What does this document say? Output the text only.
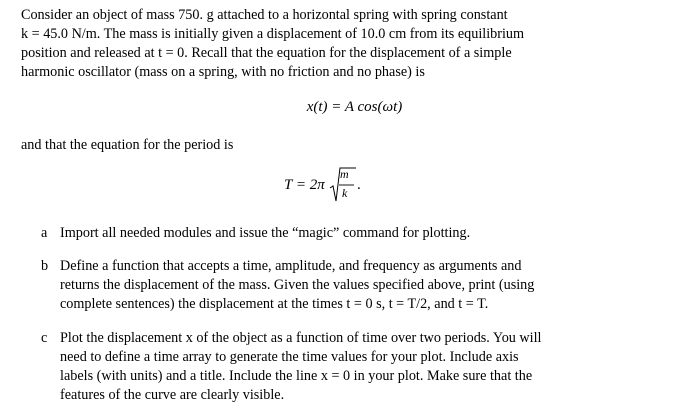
Consider an object of mass 750. g attached to a horizontal spring with spring constant
k = 45.0 N/m. The mass is initially given a displacement of 10.0 cm from its equilibrium
position and released at t = 0. Recall that the equation for the displacement of a simple
harmonic oscillator (mass on a spring, with no friction and no phase) is
x(t) = A cos(ωt)
and that the equation for the period is
T = 2π
m
k .
a Import all needed modules and issue the “magic” command for plotting.
b Define a function that accepts a time, amplitude, and frequency as arguments and
returns the displacement of the mass. Given the values specified above, print (using
complete sentences) the displacement at the times t = 0 s, t = T/2, and t = T.
c Plot the displacement x of the object as a function of time over two periods. You will
need to define a time array to generate the time values for your plot. Include axis
labels (with units) and a title. Include the line x = 0 in your plot. Make sure that the
features of the curve are clearly visible.
